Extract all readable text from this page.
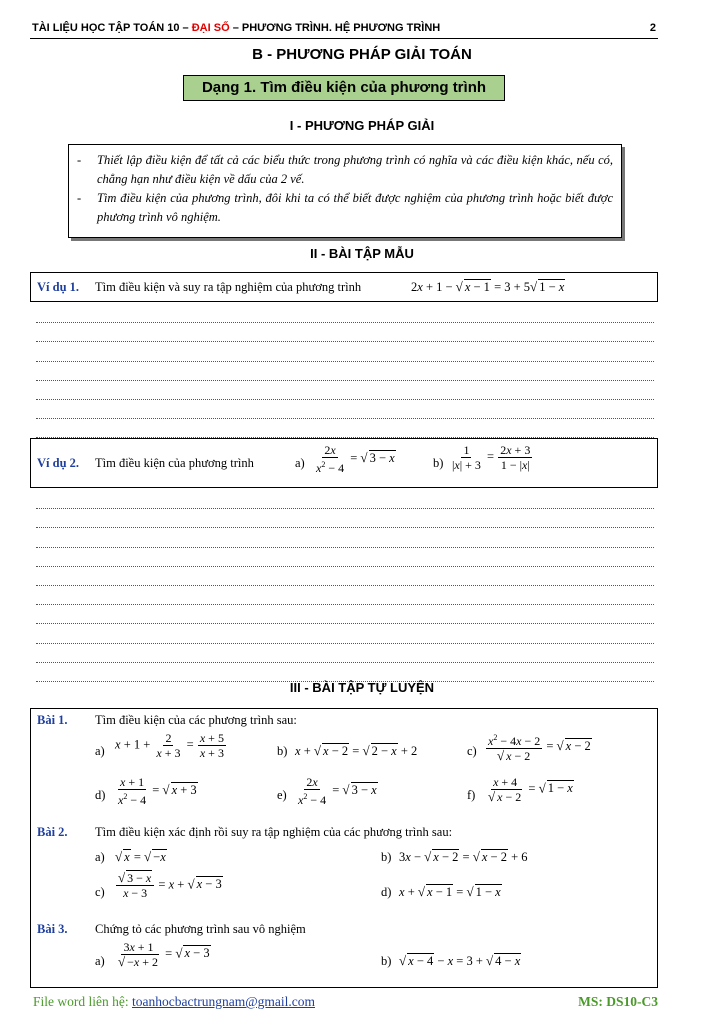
TÀI LIỆU HỌC TẬP TOÁN 10 – ĐẠI SỐ – PHƯƠNG TRÌNH. HỆ PHƯƠNG TRÌNH	2
B - PHƯƠNG PHÁP GIẢI TOÁN
Dạng 1. Tìm điều kiện của phương trình
I - PHƯƠNG PHÁP GIẢI
-	Thiết lập điều kiện để tất cả các biểu thức trong phương trình có nghĩa và các điều kiện khác, nếu có, chẳng hạn như điều kiện về dấu của 2 vế.
-	Tìm điều kiện của phương trình, đôi khi ta có thể biết được nghiệm của phương trình hoặc biết được phương trình vô nghiệm.
II - BÀI TẬP MẪU
Ví dụ 1. Tìm điều kiện và suy ra tập nghiệm của phương trình	2x + 1 − √ x − 1 = 3 + 5√ 1 − x
Ví dụ 2. Tìm điều kiện của phương trình	$a) \frac{2x}{x^2 - 4}$ = √ 3 − x	$b) \frac{1}{|x| + 3} = \frac{2x + 3}{1 - |x|}$
III - BÀI TẬP TỰ LUYỆN
Bài 1. Tìm điều kiện của các phương trình sau:
a) $x + 1 + \frac{2}{x + 3} = \frac{x + 5}{x + 3}$	b) x + √ x − 2 = √ 2 − x + 2	$c) \frac{x^2 - 4x - 2}{√ x - 2}$ = √ x − 2
$d) \frac{x + 1}{x^2 - 4}$ = √ x + 3	$e) \frac{2x}{x^2 - 4}$ = √ 3 − x	$f) \frac{x + 4}{√ x - 2}$ = √ 1 − x
Bài 2. Tìm điều kiện xác định rồi suy ra tập nghiệm của các phương trình sau:
a) √ x = √ −x	b) 3x − √ x − 2 = √ x − 2 + 6
$c) \frac{√ 3 - x}{x - 3} = x$ + √ x − 3
d) x + √ x − 1 = √ 1 − x
Bài 3. Chứng tỏ các phương trình sau vô nghiệm
$a) \frac{3x + 1}{√ -x + 2}$ = √ x − 3
b) √ x − 4 − x = 3 + √ 4 − x
File word liên hệ: toanhocbactrungnam@gmail.com	MS: DS10-C3
